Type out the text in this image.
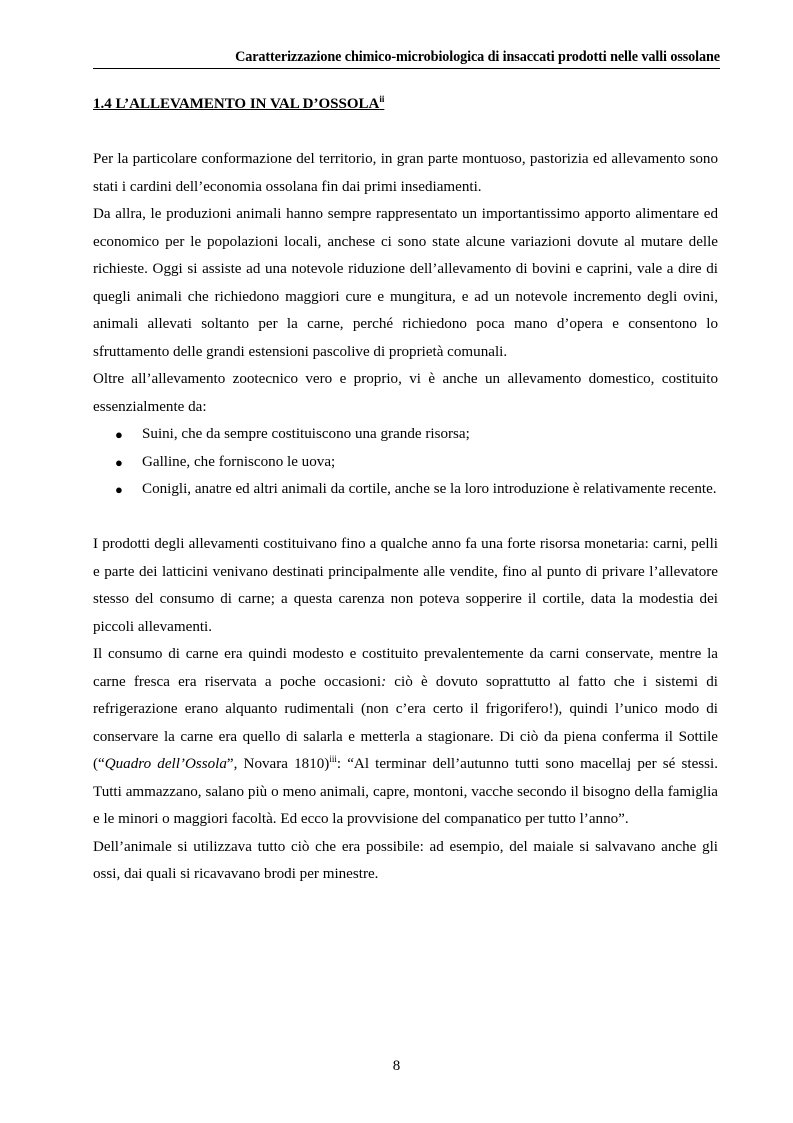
Caratterizzazione chimico-microbiologica di insaccati prodotti nelle valli ossolane
1.4 L’ALLEVAMENTO IN VAL D’OSSOLA$^{ii}$

Per la particolare conformazione del territorio, in gran parte montuoso, pastorizia ed allevamento sono stati i cardini dell’economia ossolana fin dai primi insediamenti.

Da allra, le produzioni animali hanno sempre rappresentato un importantissimo apporto alimentare ed economico per le popolazioni locali, anchese ci sono state alcune variazioni dovute al mutare delle richieste. Oggi si assiste ad una notevole riduzione dell’allevamento di bovini e caprini, vale a dire di quegli animali che richiedono maggiori cure e mungitura, e ad un notevole incremento degli ovini, animali allevati soltanto per la carne, perché richiedono poca mano d’opera e consentono lo sfruttamento delle grandi estensioni pascolive di proprietà comunali.

Oltre all’allevamento zootecnico vero e proprio, vi è anche un allevamento domestico, costituito essenzialmente da:

● Suini, che da sempre costituiscono una grande risorsa;
● Galline, che forniscono le uova;
● Conigli, anatre ed altri animali da cortile, anche se la loro introduzione è relativamente recente.

I prodotti degli allevamenti costituivano fino a qualche anno fa una forte risorsa monetaria: carni, pelli e parte dei latticini venivano destinati principalmente alle vendite, fino al punto di privare l’allevatore stesso del consumo di carne; a questa carenza non poteva sopperire il cortile, data la modestia dei piccoli allevamenti.

Il consumo di carne era quindi modesto e costituito prevalentemente da carni conservate, mentre la carne fresca era riservata a poche occasioni: ciò è dovuto soprattutto al fatto che i sistemi di refrigerazione erano alquanto rudimentali (non c’era certo il frigorifero!), quindi l’unico modo di conservare la carne era quello di salarla e metterla a stagionare. Di ciò da piena conferma il Sottile (“Quadro dell’Ossola”, Novara 1810)$^{iii}$: “Al terminar dell’autunno tutti sono macellaj per sé stessi. Tutti ammazzano, salano più o meno animali, capre, montoni, vacche secondo il bisogno della famiglia e le minori o maggiori facoltà. Ed ecco la provvisione del companatico per tutto l’anno”.

Dell’animale si utilizzava tutto ciò che era possibile: ad esempio, del maiale si salvavano anche gli ossi, dai quali si ricavavano brodi per minestre.

8
